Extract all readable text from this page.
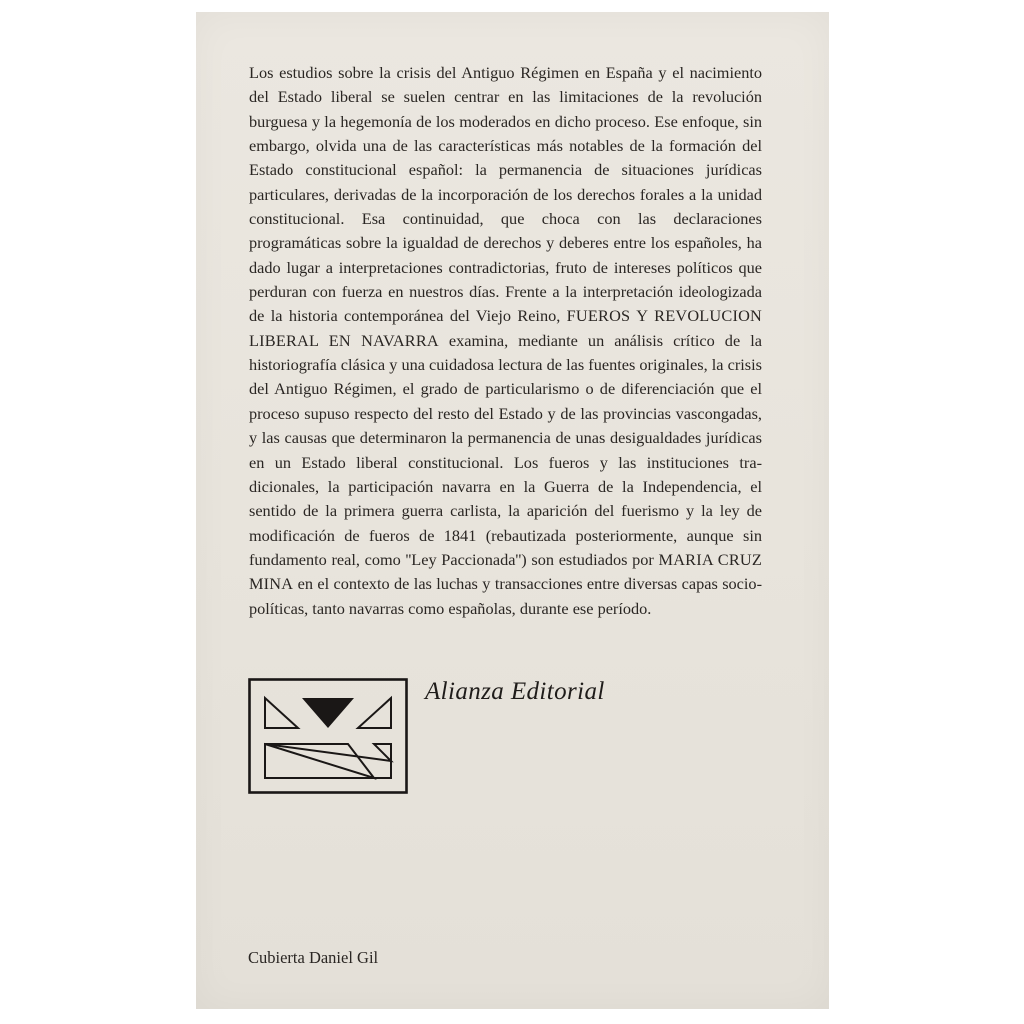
Los estudios sobre la crisis del Antiguo Régimen en España y el nacimiento del Estado liberal se suelen centrar en las limitaciones de la revolución burguesa y la hegemonía de los moderados en dicho proceso. Ese enfoque, sin embargo, olvida una de las características más notables de la formación del Estado constitucional español: la permanencia de situaciones jurídicas particulares, derivadas de la incorporación de los derechos forales a la unidad constitucional. Esa continuidad, que choca con las declaraciones programáticas sobre la igualdad de derechos y deberes entre los españoles, ha dado lugar a interpretaciones contradictorias, fruto de intereses políticos que perduran con fuerza en nuestros días. Frente a la interpretación ideologizada de la historia contemporánea del Viejo Reino, FUEROS Y REVOLUCION LIBERAL EN NAVARRA examina, mediante un análisis crítico de la historiografía clásica y una cuidadosa lectura de las fuentes originales, la crisis del Antiguo Régimen, el grado de particularismo o de diferenciación que el proceso supuso respecto del resto del Estado y de las provincias vascongadas, y las causas que determinaron la permanencia de unas desigualdades jurídicas en un Estado liberal constitucional. Los fueros y las instituciones tradicionales, la participación navarra en la Guerra de la Independencia, el sentido de la primera guerra carlista, la aparición del fuerismo y la ley de modificación de fueros de 1841 (rebautizada posteriormente, aunque sin fundamento real, como ''Ley Paccionada'') son estudiados por MARIA CRUZ MINA en el contexto de las luchas y transacciones entre diversas capas socio-políticas, tanto navarras como españolas, durante ese período.

Alianza Editorial

Cubierta Daniel Gil
